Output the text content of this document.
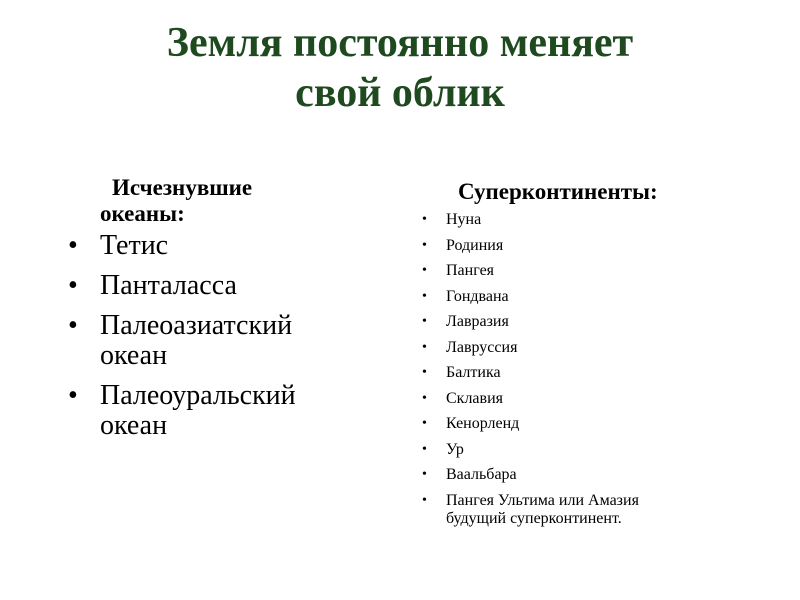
Земля постоянно меняет
свой облик
Исчезнувшие
океаны:
• Тетис
• Панталасса
• Палеоазиатский
океан
• Палеоуральский
океан
Суперконтиненты:
• Нуна
• Родиния
• Пангея
• Гондвана
• Лавразия
• Лаврусcия
• Балтика
• Склавия
• Кенорленд
• Ур
• Ваальбара
• Пангея Ультима или Амазия
будущий суперконтинент.
